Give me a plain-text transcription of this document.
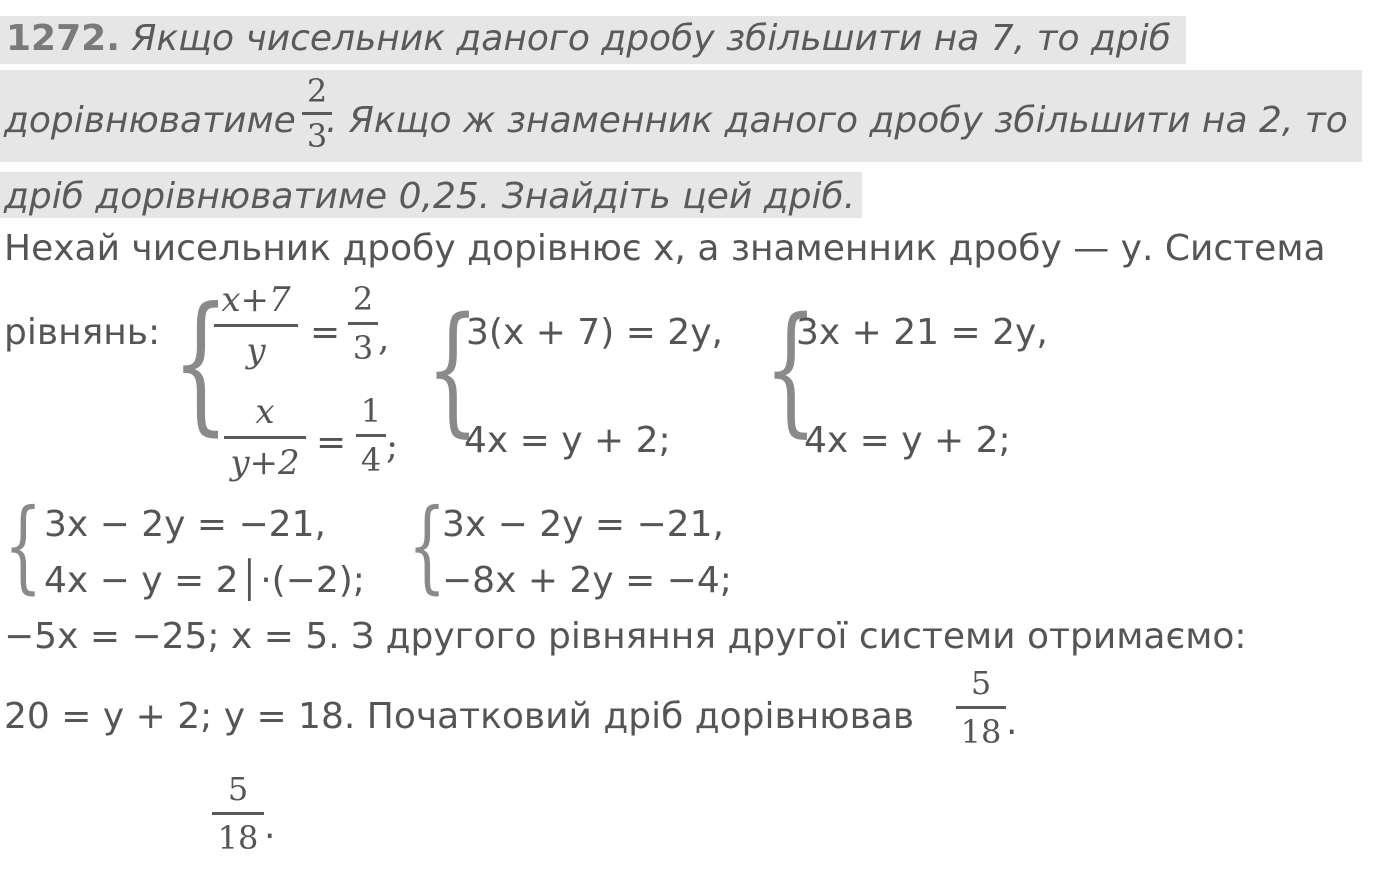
1272. Якщо чисельник даного дробу збільшити на 7, то дріб
дорівнюватиме
2
3
. Якщо ж знаменник даного дробу збільшити на 2, то
дріб дорівнюватиме 0,25. Знайдіть цей дріб.
Нехай чисельник дробу дорівнює х, а знаменник дробу — у. Система
рівнянь: {
x+7
y	=
2
3 ,
x
y+2 =
1
4 ; {
3(x + 7) = 2y,
4x = y + 2; {
3x + 21 = 2y,
4x = y + 2;
{ 3x − 2y = −21,
4x − y = 2│·(−2); {
3x − 2y = −21,
−8x + 2y = −4;
−5x = −25; x = 5. З другого рівняння другої системи отримаємо:
20 = y + 2; y = 18. Початковий дріб дорівнював
5
18 .
5
18 .
